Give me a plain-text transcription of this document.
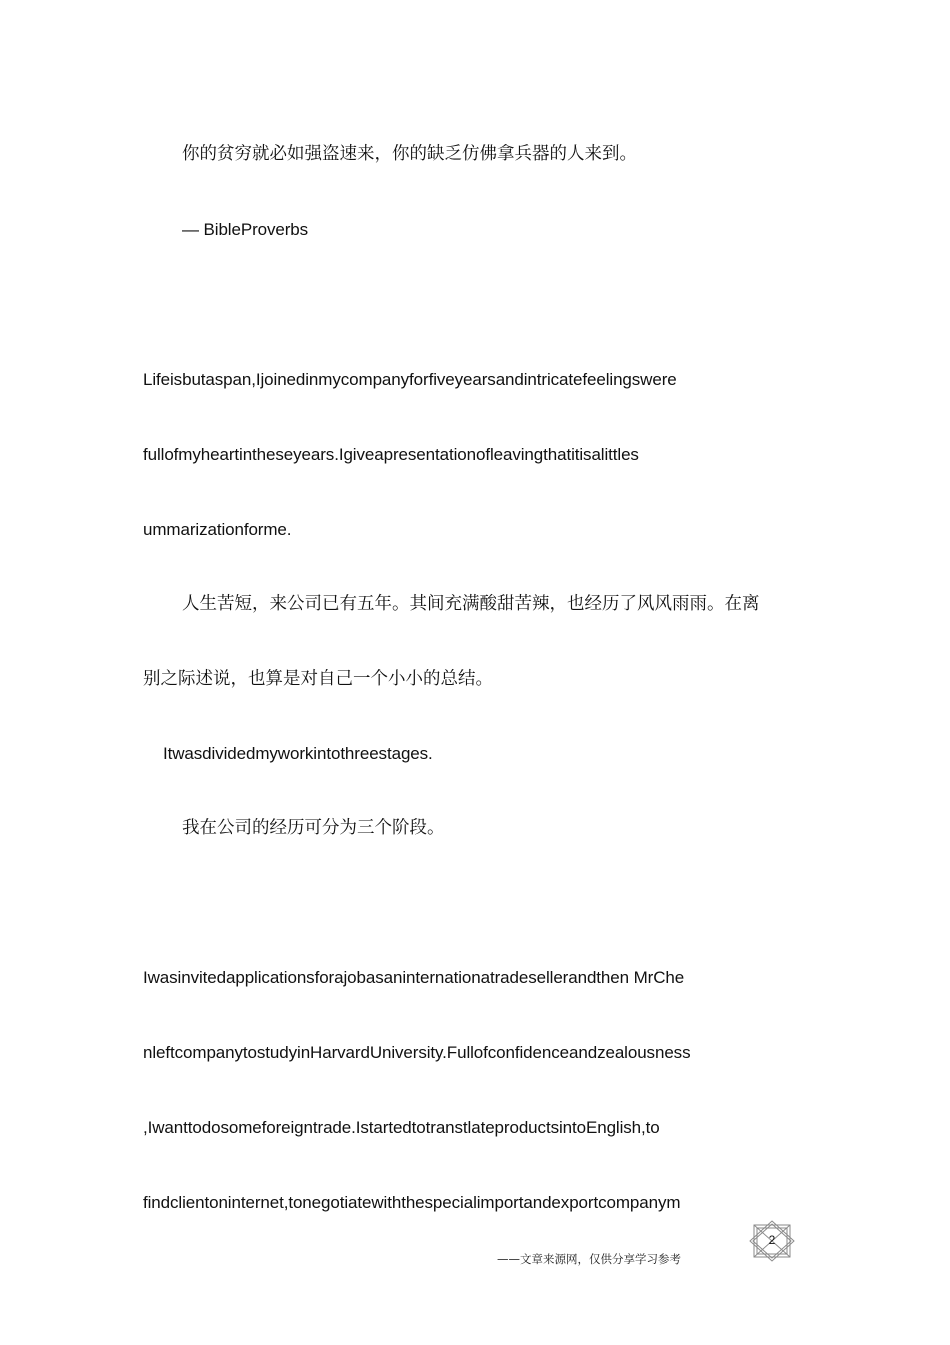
你的贫穷就必如强盗速来，你的缺乏仿佛拿兵器的人来到。
— BibleProverbs
Lifeisbutaspan,Ijoinedinmycompanyforfiveyearsandintricatefeelingswere
fullofmyheartintheseyears.Igiveapresentationofleavingthatitisalittles
ummarizationforme.
人生苦短，来公司已有五年。其间充满酸甜苦辣，也经历了风风雨雨。在离
别之际述说，也算是对自己一个小小的总结。
Itwasdividedmyworkintothreestages.
我在公司的经历可分为三个阶段。
Iwasinvitedapplicationsforajobasaninternationatradesellerandthen MrChe
nleftcompanytostudyinHarvardUniversity.Fullofconfidenceandzealousness
,Iwanttodosomeforeigntrade.IstartedtotranstlateproductsintoEnglish,to
findclientoninternet,tonegotiatewiththespecialimportandexportcompanym
——文章来源网，仅供分享学习参考
2
